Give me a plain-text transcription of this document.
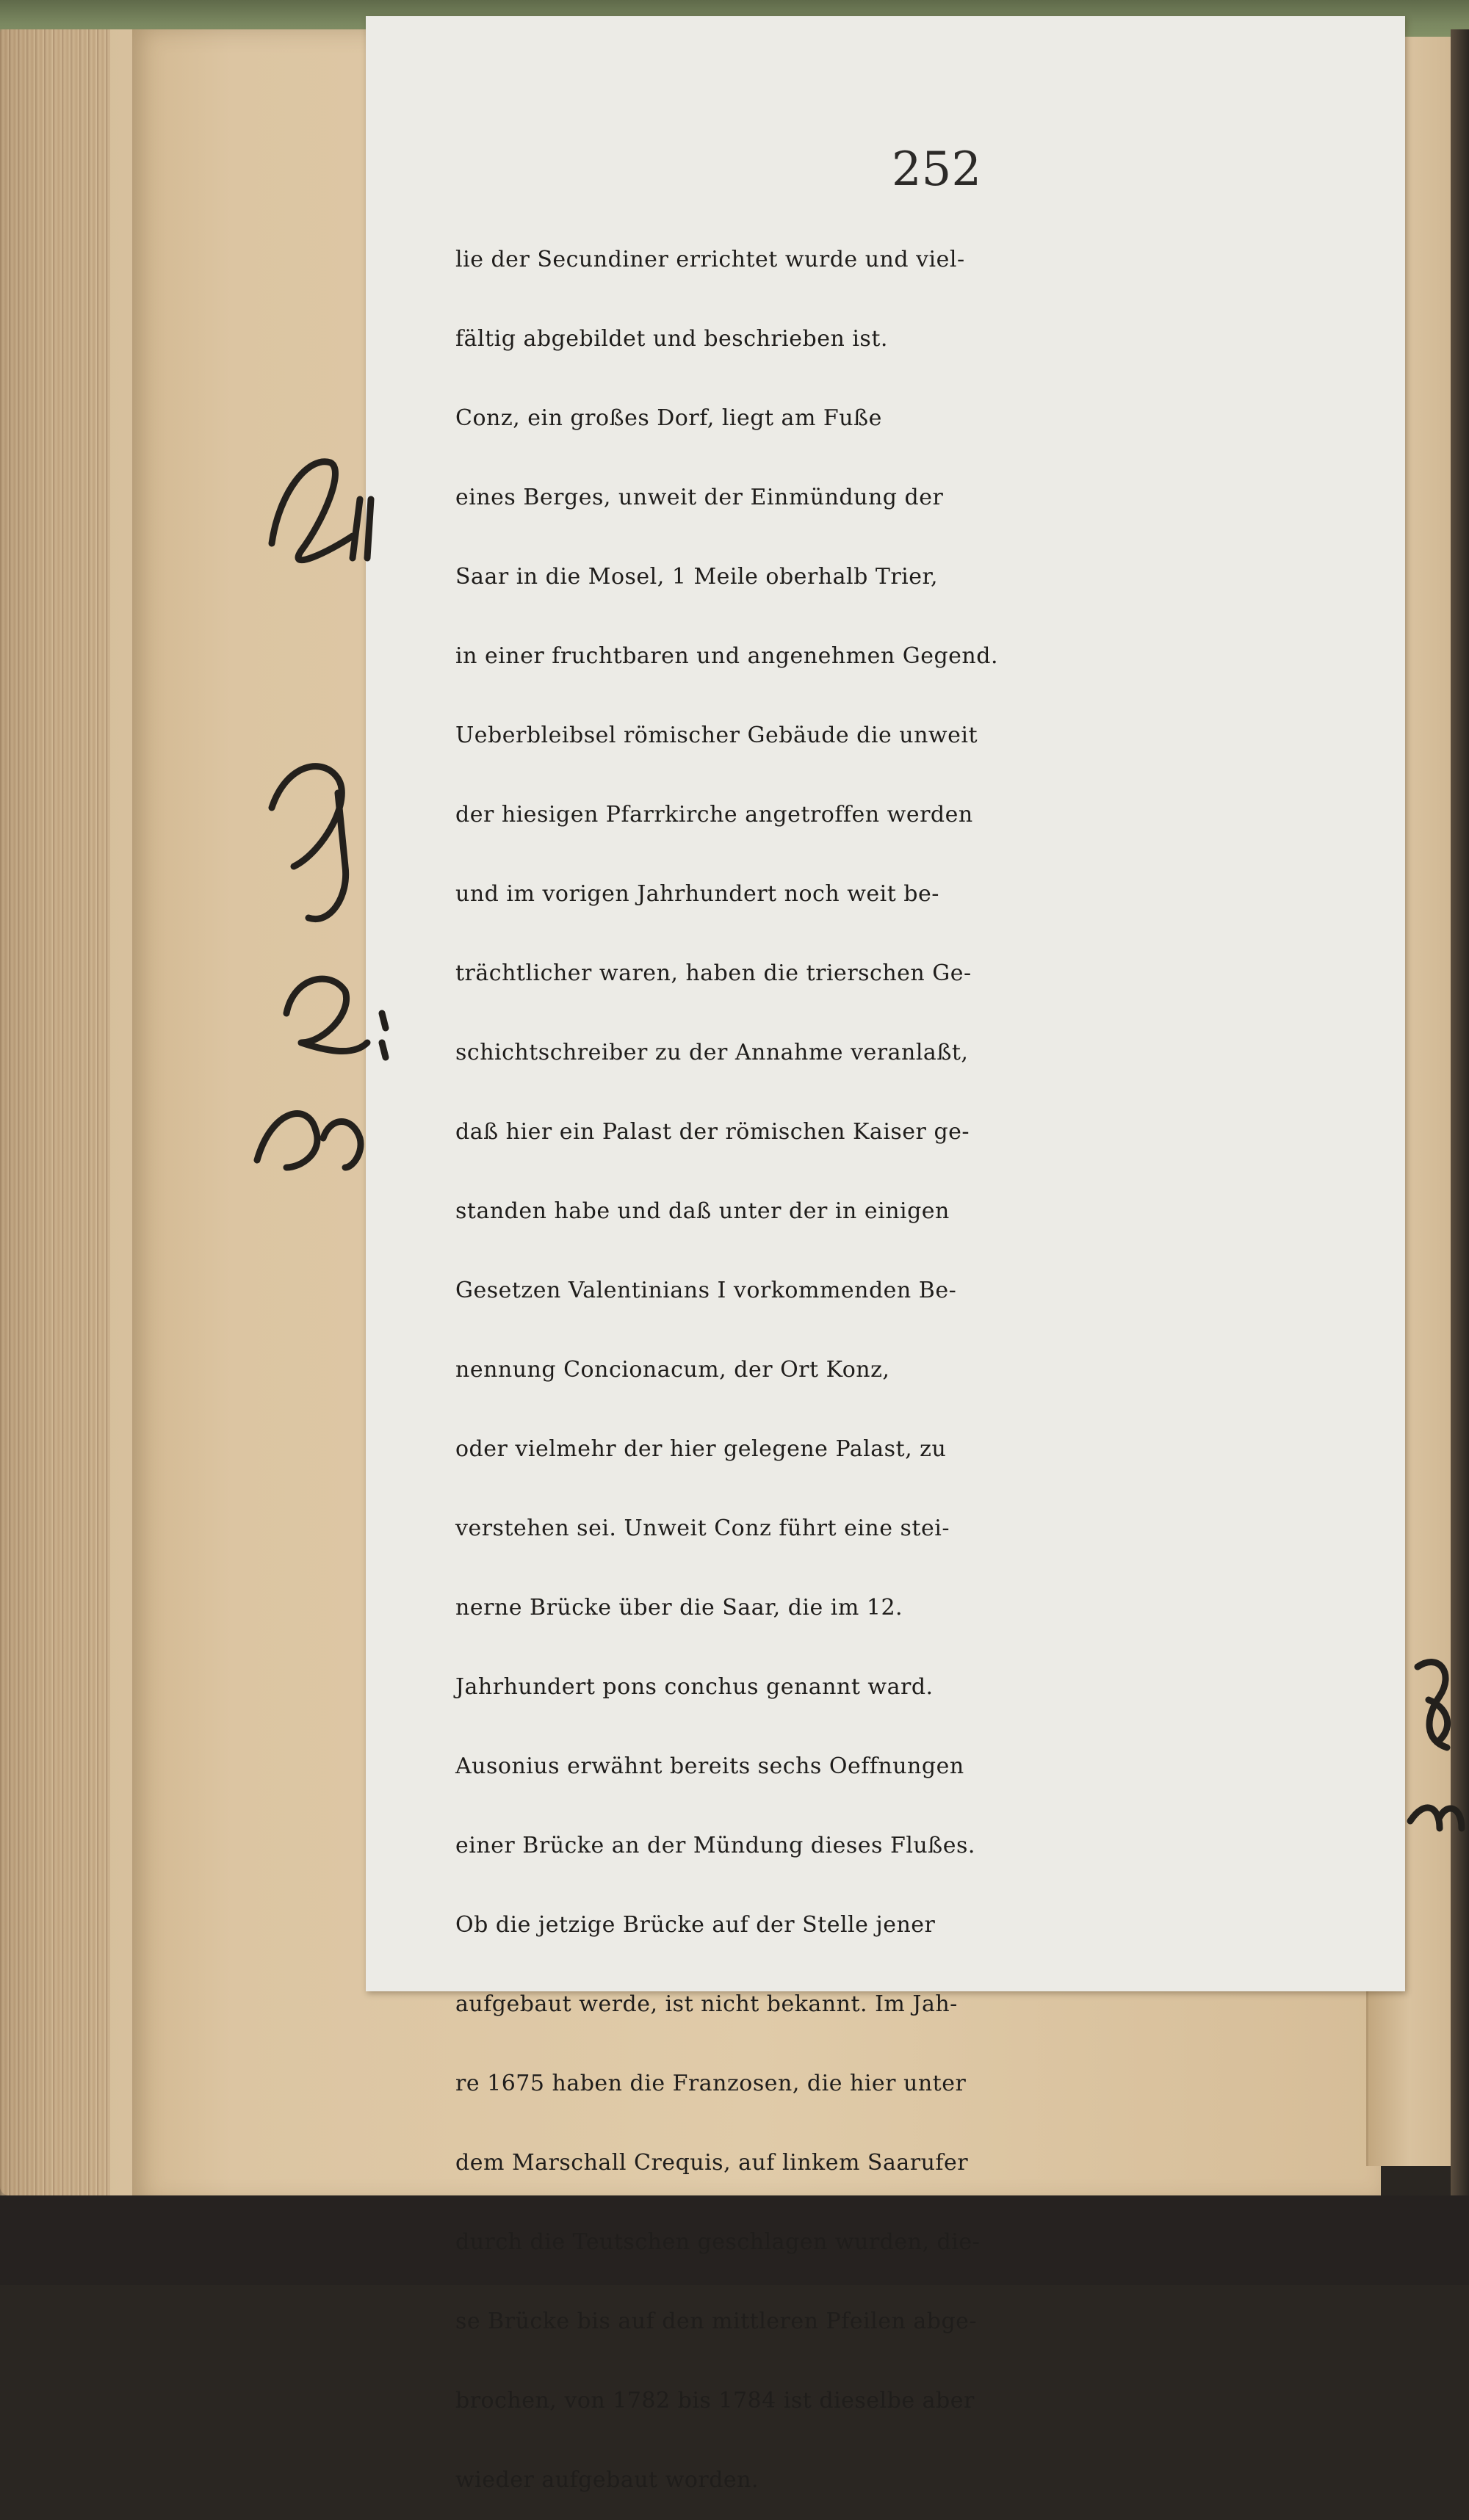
252
lie der Secundiner errichtet wurde und viel-
fältig abgebildet und beschrieben ist.
Conz, ein großes Dorf, liegt am Fuße
eines Berges, unweit der Einmündung der
Saar in die Mosel, 1 Meile oberhalb Trier,
in einer fruchtbaren und angenehmen Gegend.
Ueberbleibsel römischer Gebäude die unweit
der hiesigen Pfarrkirche angetroffen werden
und im vorigen Jahrhundert noch weit be-
trächtlicher waren, haben die trierschen Ge-
schichtschreiber zu der Annahme veranlaßt,
daß hier ein Palast der römischen Kaiser ge-
standen habe und daß unter der in einigen
Gesetzen Valentinians I vorkommenden Be-
nennung Concionacum, der Ort Konz,
oder vielmehr der hier gelegene Palast, zu
verstehen sei. Unweit Conz führt eine stei-
nerne Brücke über die Saar, die im 12.
Jahrhundert pons conchus genannt ward.
Ausonius erwähnt bereits sechs Oeffnungen
einer Brücke an der Mündung dieses Flußes.
Ob die jetzige Brücke auf der Stelle jener
aufgebaut werde, ist nicht bekannt. Im Jah-
re 1675 haben die Franzosen, die hier unter
dem Marschall Crequis, auf linkem Saarufer
durch die Teutschen geschlagen wurden, die-
se Brücke bis auf den mittleren Pfeilen abge-
brochen, von 1782 bis 1784 ist dieselbe aber
wieder aufgebaut worden.
